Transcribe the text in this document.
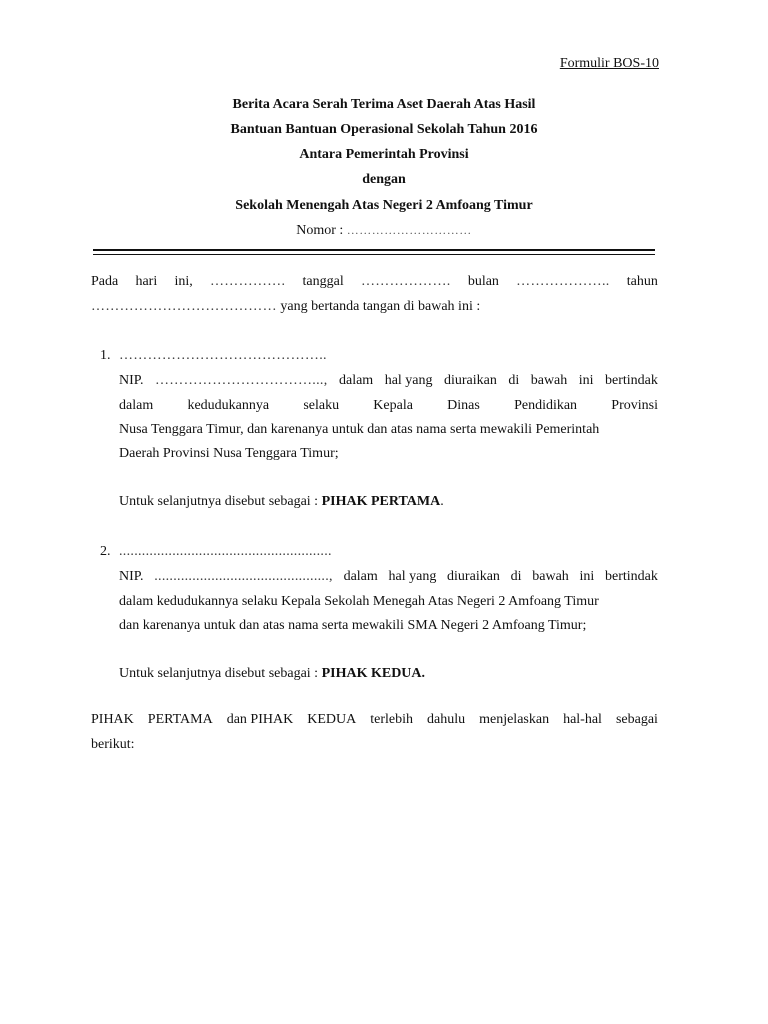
Formulir BOS-10
Berita Acara Serah Terima Aset Daerah Atas Hasil
Bantuan Bantuan Operasional Sekolah Tahun 2016
Antara Pemerintah Provinsi
dengan
Sekolah Menengah Atas Negeri 2 Amfoang Timur
Nomor : …………………………
Pada hari ini, ……………. tanggal ………………. bulan ……………….. tahun
………………………………… yang bertanda tangan di bawah ini :
1. ……………………………………..
NIP. ……………………………..., dalam hal yang diuraikan di bawah ini bertindak
dalam kedudukannya selaku Kepala Dinas Pendidikan Provinsi
Nusa Tenggara Timur, dan karenanya untuk dan atas nama serta mewakili Pemerintah
Daerah Provinsi Nusa Tenggara Timur;
Untuk selanjutnya disebut sebagai : PIHAK PERTAMA.
2. ........................................................
NIP. .............................................., dalam hal yang diuraikan di bawah ini bertindak
dalam kedudukannya selaku Kepala Sekolah Menegah Atas Negeri 2 Amfoang Timur
dan karenanya untuk dan atas nama serta mewakili SMA Negeri 2 Amfoang Timur;
Untuk selanjutnya disebut sebagai : PIHAK KEDUA.
PIHAK PERTAMA dan PIHAK KEDUA terlebih dahulu menjelaskan hal-hal sebagai
berikut:
